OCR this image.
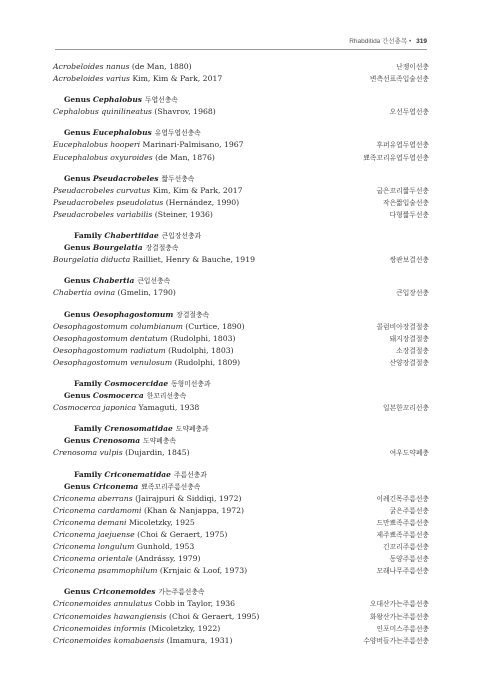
Rhabditida 간선충목 • 319
Acrobeloides nanus (de Man, 1880)	난쟁이선충
Acrobeloides varius Kim, Kim & Park, 2017	변측선표족입술선충
Genus Cephalobus 두엽선충속
Cephalobus quinilineatus (Shavrov, 1968)	오선두엽선충
Genus Eucephalobus 유엽두엽선충속
Eucephalobus hooperi Marinari-Palmisano, 1967	후퍼유엽두엽선충
Eucephalobus oxyuroides (de Man, 1876)	뾰족꼬리유엽두엽선충
Genus Pseudacrobeles 짧두선충속
Pseudacrobeles curvatus Kim, Kim & Park, 2017	굽은꼬리짧두선충
Pseudacrobeles pseudolatus (Hernández, 1990)	작은짧입술선충
Pseudacrobeles variabilis (Steiner, 1936)	다형짧두선충
Family Chabertiidae 큰입장선충과
Genus Bourgelatia 장결절충속
Bourgelatia diducta Railliet, Henry & Bauche, 1919	쌍관보결선충
Genus Chabertia 큰입선충속
Chabertia ovina (Gmelin, 1790)	큰입장선충
Genus Oesophagostomum 장결절충속
Oesophagostomum columbianum (Curtice, 1890)	콜럼비아장결절충
Oesophagostomum dentatum (Rudolphi, 1803)	돼지장결절충
Oesophagostomum radiatum (Rudolphi, 1803)	소장결절충
Oesophagostomum venulosum (Rudolphi, 1809)	산양장결절충
Family Cosmocercidae 동형미선충과
Genus Cosmocerca 한꼬리선충속
Cosmocerca japonica Yamaguti, 1938	일본한꼬리선충
Family Crenosomatidae 도약폐충과
Genus Crenosoma 도약폐충속
Crenosoma vulpis (Dujardin, 1845)	여우도약폐충
Family Criconematidae 주름선충과
Genus Criconema 뾰족꼬리주름선충속
Criconema aberrans (Jairajpuri & Siddiqi, 1972)	이례긴목주름선충
Criconema cardamomi (Khan & Nanjappa, 1972)	굵은주름선충
Criconema demani Micoletzky, 1925	드만뾰족주름선충
Criconema jaejuense (Choi & Geraert, 1975)	제주뾰족주름선충
Criconema longulum Gunhold, 1953	긴꼬리주름선충
Criconema orientale (Andrássy, 1979)	동양주름선충
Criconema psammophilum (Krnjaic & Loof, 1973)	모래나무주름선충
Genus Criconemoides 가는주름선충속
Criconemoides annulatus Cobb in Taylor, 1936	오대산가는주름선충
Criconemoides hawangiensis (Choi & Geraert, 1995)	화왕산가는주름선충
Criconemoides informis (Micoletzky, 1922)	인포미스주름선충
Criconemoides komabaensis (Imamura, 1931)	수양버들가는주름선충
